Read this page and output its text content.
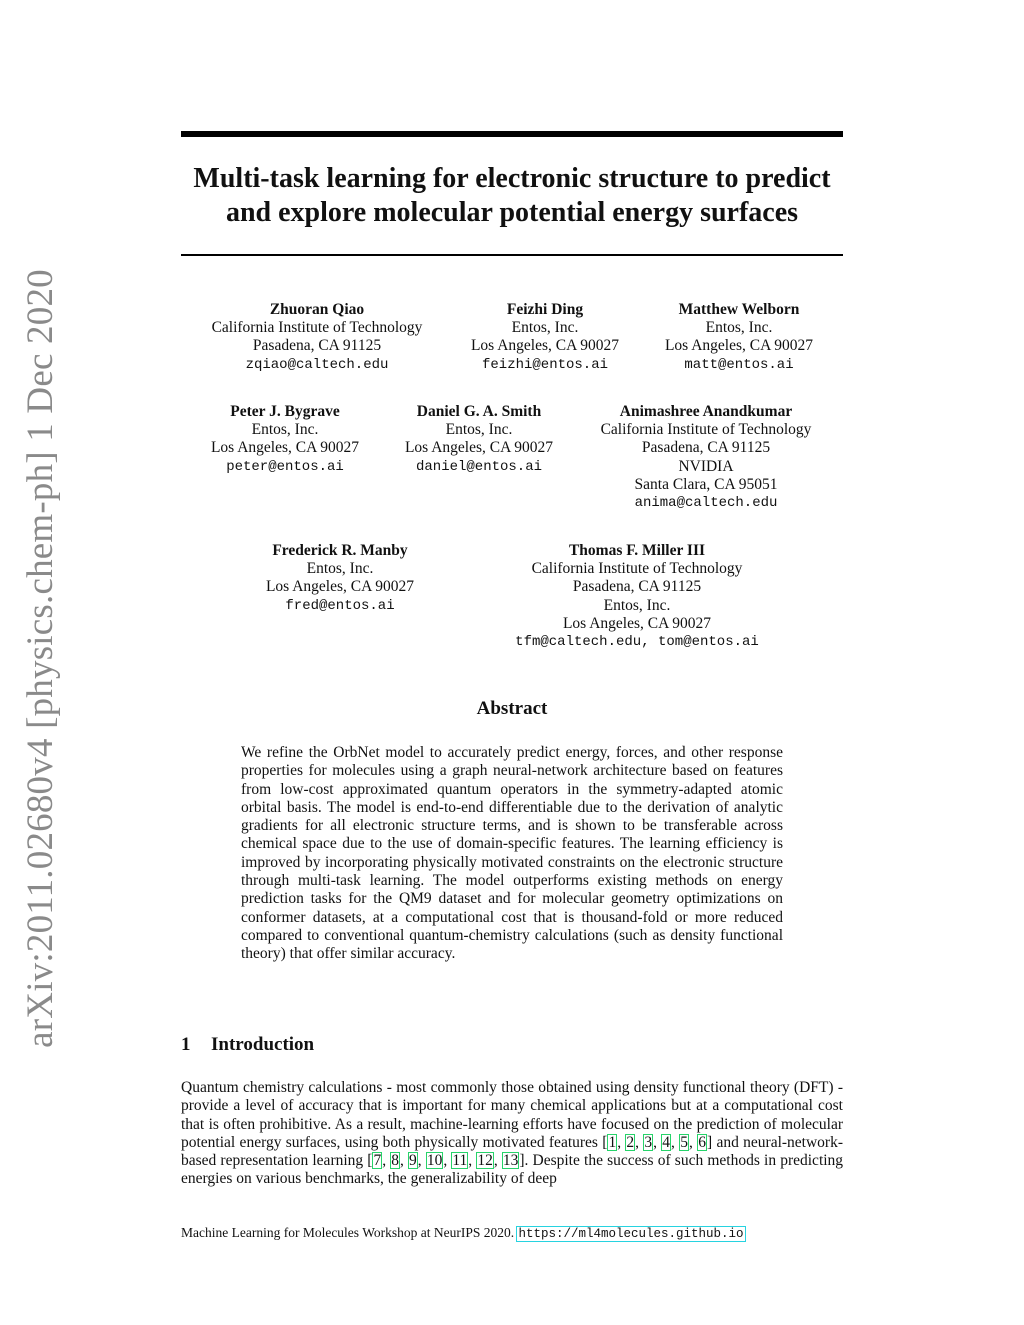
arXiv:2011.02680v4 [physics.chem-ph] 1 Dec 2020
Multi-task learning for electronic structure to predict
and explore molecular potential energy surfaces
Zhuoran Qiao
California Institute of Technology
Pasadena, CA 91125
zqiao@caltech.edu
Feizhi Ding
Entos, Inc.
Los Angeles, CA 90027
feizhi@entos.ai
Matthew Welborn
Entos, Inc.
Los Angeles, CA 90027
matt@entos.ai
Peter J. Bygrave
Entos, Inc.
Los Angeles, CA 90027
peter@entos.ai
Daniel G. A. Smith
Entos, Inc.
Los Angeles, CA 90027
daniel@entos.ai
Animashree Anandkumar
California Institute of Technology
Pasadena, CA 91125
NVIDIA
Santa Clara, CA 95051
anima@caltech.edu
Frederick R. Manby
Entos, Inc.
Los Angeles, CA 90027
fred@entos.ai
Thomas F. Miller III
California Institute of Technology
Pasadena, CA 91125
Entos, Inc.
Los Angeles, CA 90027
tfm@caltech.edu, tom@entos.ai
Abstract
We refine the OrbNet model to accurately predict energy, forces, and other response properties for molecules using a graph neural-network architecture based on features from low-cost approximated quantum operators in the symmetry-adapted atomic orbital basis. The model is end-to-end differentiable due to the derivation of analytic gradients for all electronic structure terms, and is shown to be transferable across chemical space due to the use of domain-specific features. The learning efficiency is improved by incorporating physically motivated constraints on the electronic structure through multi-task learning. The model outperforms existing methods on energy prediction tasks for the QM9 dataset and for molecular geometry optimizations on conformer datasets, at a computational cost that is thousand-fold or more reduced compared to conventional quantum-chemistry calculations (such as density functional theory) that offer similar accuracy.
1 Introduction
Quantum chemistry calculations - most commonly those obtained using density functional theory (DFT) - provide a level of accuracy that is important for many chemical applications but at a computational cost that is often prohibitive. As a result, machine-learning efforts have focused on the prediction of molecular potential energy surfaces, using both physically motivated features [1, 2, 3, 4, 5, 6] and neural-network-based representation learning [7, 8, 9, 10, 11, 12, 13]. Despite the success of such methods in predicting energies on various benchmarks, the generalizability of deep
Machine Learning for Molecules Workshop at NeurIPS 2020. https://ml4molecules.github.io
